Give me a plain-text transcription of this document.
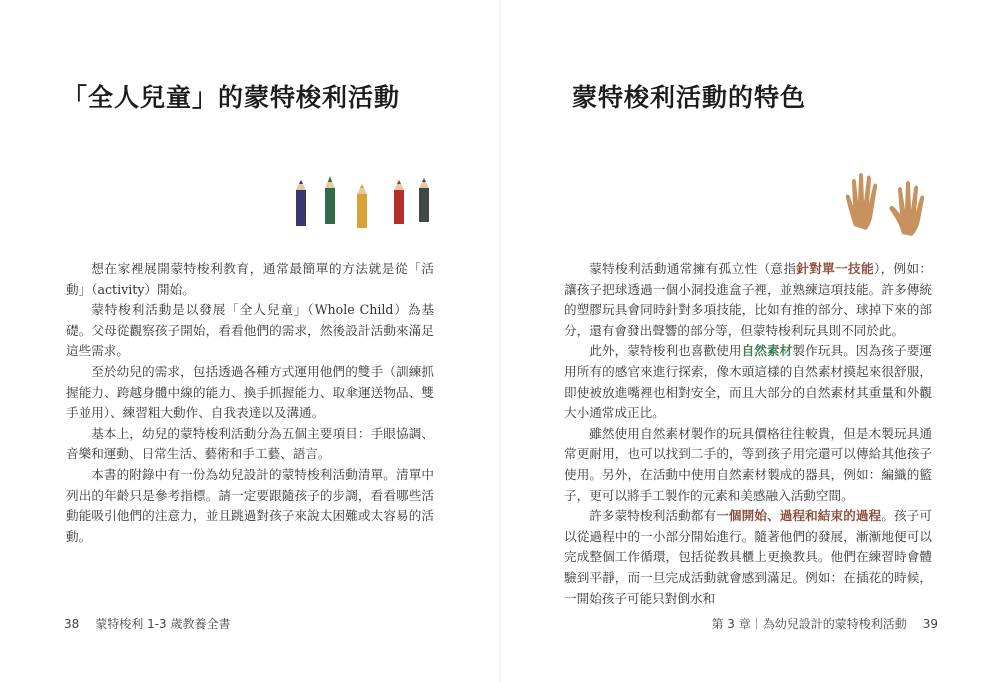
「全人兒童」的蒙特梭利活動

想在家裡展開蒙特梭利教育，通常最簡單的方法就是從「活動」（activity）開始。

蒙特梭利活動是以發展「全人兒童」（Whole Child）為基礎。父母從觀察孩子開始，看看他們的需求，然後設計活動來滿足這些需求。

至於幼兒的需求，包括透過各種方式運用他們的雙手（訓練抓握能力、跨越身體中線的能力、換手抓握能力、取傘運送物品、雙手並用）、練習粗大動作、自我表達以及溝通。

基本上，幼兒的蒙特梭利活動分為五個主要項目：手眼協調、音樂和運動、日常生活、藝術和手工藝、語言。

本書的附錄中有一份為幼兒設計的蒙特梭利活動清單。清單中列出的年齡只是參考指標。請一定要跟隨孩子的步調，看看哪些活動能吸引他們的注意力，並且跳過對孩子來說太困難或太容易的活動。

38 蒙特梭利 1-3 歲教養全書
蒙特梭利活動的特色

蒙特梭利活動通常擁有孤立性（意指針對單一技能），例如：讓孩子把球透過一個小洞投進盒子裡，並熟練這項技能。許多傳統的塑膠玩具會同時針對多項技能，比如有推的部分、球掉下來的部分，還有會發出聲響的部分等，但蒙特梭利玩具則不同於此。

此外，蒙特梭利也喜歡使用自然素材製作玩具。因為孩子要運用所有的感官來進行探索，像木頭這樣的自然素材摸起來很舒服，即使被放進嘴裡也相對安全，而且大部分的自然素材其重量和外觀大小通常成正比。

雖然使用自然素材製作的玩具價格往往較貴，但是木製玩具通常更耐用，也可以找到二手的，等到孩子用完還可以傳給其他孩子使用。另外，在活動中使用自然素材製成的器具，例如：編織的籃子，更可以將手工製作的元素和美感融入活動空間。

許多蒙特梭利活動都有一個開始、過程和結束的過程。孩子可以從過程中的一小部分開始進行。隨著他們的發展，漸漸地便可以完成整個工作循環，包括從教具櫃上更換教具。他們在練習時會體驗到平靜，而一旦完成活動就會感到滿足。例如：在插花的時候，一開始孩子可能只對倒水和

第 3 章｜為幼兒設計的蒙特梭利活動 39
